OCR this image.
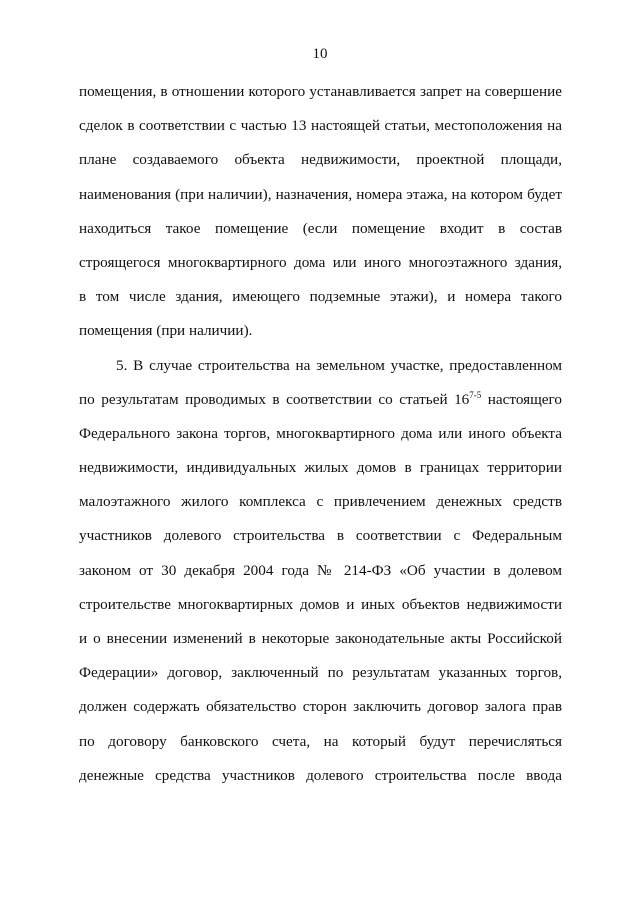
10
помещения, в отношении которого устанавливается запрет на совершение
сделок в соответствии с частью 13 настоящей статьи, местоположения на
плане создаваемого объекта недвижимости, проектной площади,
наименования (при наличии), назначения, номера этажа, на котором будет
находиться такое помещение (если помещение входит в состав
строящегося многоквартирного дома или иного многоэтажного здания,
в том числе здания, имеющего подземные этажи), и номера такого
помещения (при наличии).
5. В случае строительства на земельном участке, предоставленном
по результатам проводимых в соответствии со статьей 16$^{7-5}$ настоящего
Федерального закона торгов, многоквартирного дома или иного объекта
недвижимости, индивидуальных жилых домов в границах территории
малоэтажного жилого комплекса с привлечением денежных средств
участников долевого строительства в соответствии с Федеральным
законом от 30 декабря 2004 года № 214-ФЗ «Об участии в долевом
строительстве многоквартирных домов и иных объектов недвижимости
и о внесении изменений в некоторые законодательные акты Российской
Федерации» договор, заключенный по результатам указанных торгов,
должен содержать обязательство сторон заключить договор залога прав
по договору банковского счета, на который будут перечисляться
денежные средства участников долевого строительства после ввода
